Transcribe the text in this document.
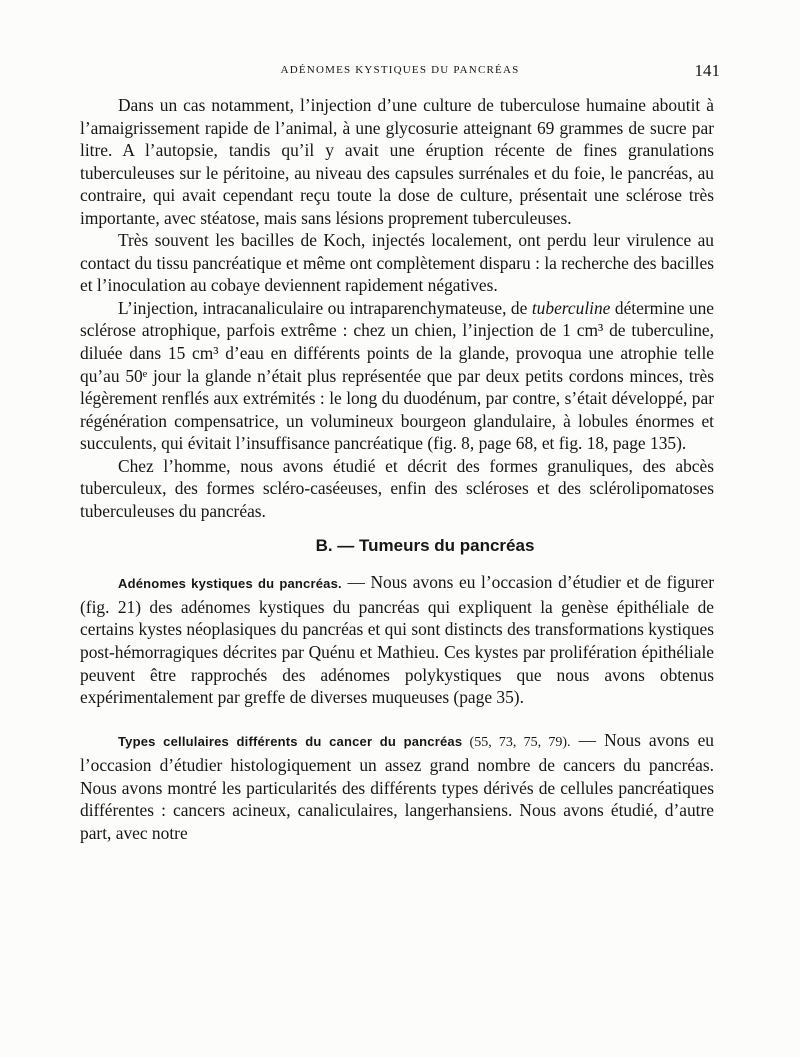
ADÉNOMES KYSTIQUES DU PANCRÉAS	141

Dans un cas notamment, l’injection d’une culture de tuberculose humaine aboutit à l’amaigrissement rapide de l’animal, à une glycosurie atteignant 69 grammes de sucre par litre. A l’autopsie, tandis qu’il y avait une éruption récente de fines granulations tuberculeuses sur le péritoine, au niveau des capsules surrénales et du foie, le pancréas, au contraire, qui avait cependant reçu toute la dose de culture, présentait une sclérose très importante, avec stéatose, mais sans lésions proprement tuberculeuses.

Très souvent les bacilles de Koch, injectés localement, ont perdu leur virulence au contact du tissu pancréatique et même ont complètement disparu : la recherche des bacilles et l’inoculation au cobaye deviennent rapidement négatives.

L’injection, intracanaliculaire ou intraparenchymateuse, de tuberculine détermine une sclérose atrophique, parfois extrême : chez un chien, l’injection de 1 cm³ de tuberculine, diluée dans 15 cm³ d’eau en différents points de la glande, provoqua une atrophie telle qu’au 50ᵉ jour la glande n’était plus représentée que par deux petits cordons minces, très légèrement renflés aux extrémités : le long du duodénum, par contre, s’était développé, par régénération compensatrice, un volumineux bourgeon glandulaire, à lobules énormes et succulents, qui évitait l’insuffisance pancréatique (fig. 8, page 68, et fig. 18, page 135).

Chez l’homme, nous avons étudié et décrit des formes granuliques, des abcès tuberculeux, des formes scléro-caséeuses, enfin des scléroses et des sclérolipomatoses tuberculeuses du pancréas.

B. — Tumeurs du pancréas

Adénomes kystiques du pancréas. — Nous avons eu l’occasion d’étudier et de figurer (fig. 21) des adénomes kystiques du pancréas qui expliquent la genèse épithéliale de certains kystes néoplasiques du pancréas et qui sont distincts des transformations kystiques post-hémorragiques décrites par Quénu et Mathieu. Ces kystes par prolifération épithéliale peuvent être rapprochés des adénomes polykystiques que nous avons obtenus expérimentalement par greffe de diverses muqueuses (page 35).

Types cellulaires différents du cancer du pancréas (55, 73, 75, 79). — Nous avons eu l’occasion d’étudier histologiquement un assez grand nombre de cancers du pancréas. Nous avons montré les particularités des différents types dérivés de cellules pancréatiques différentes : cancers acineux, canaliculaires, langerhansiens. Nous avons étudié, d’autre part, avec notre
